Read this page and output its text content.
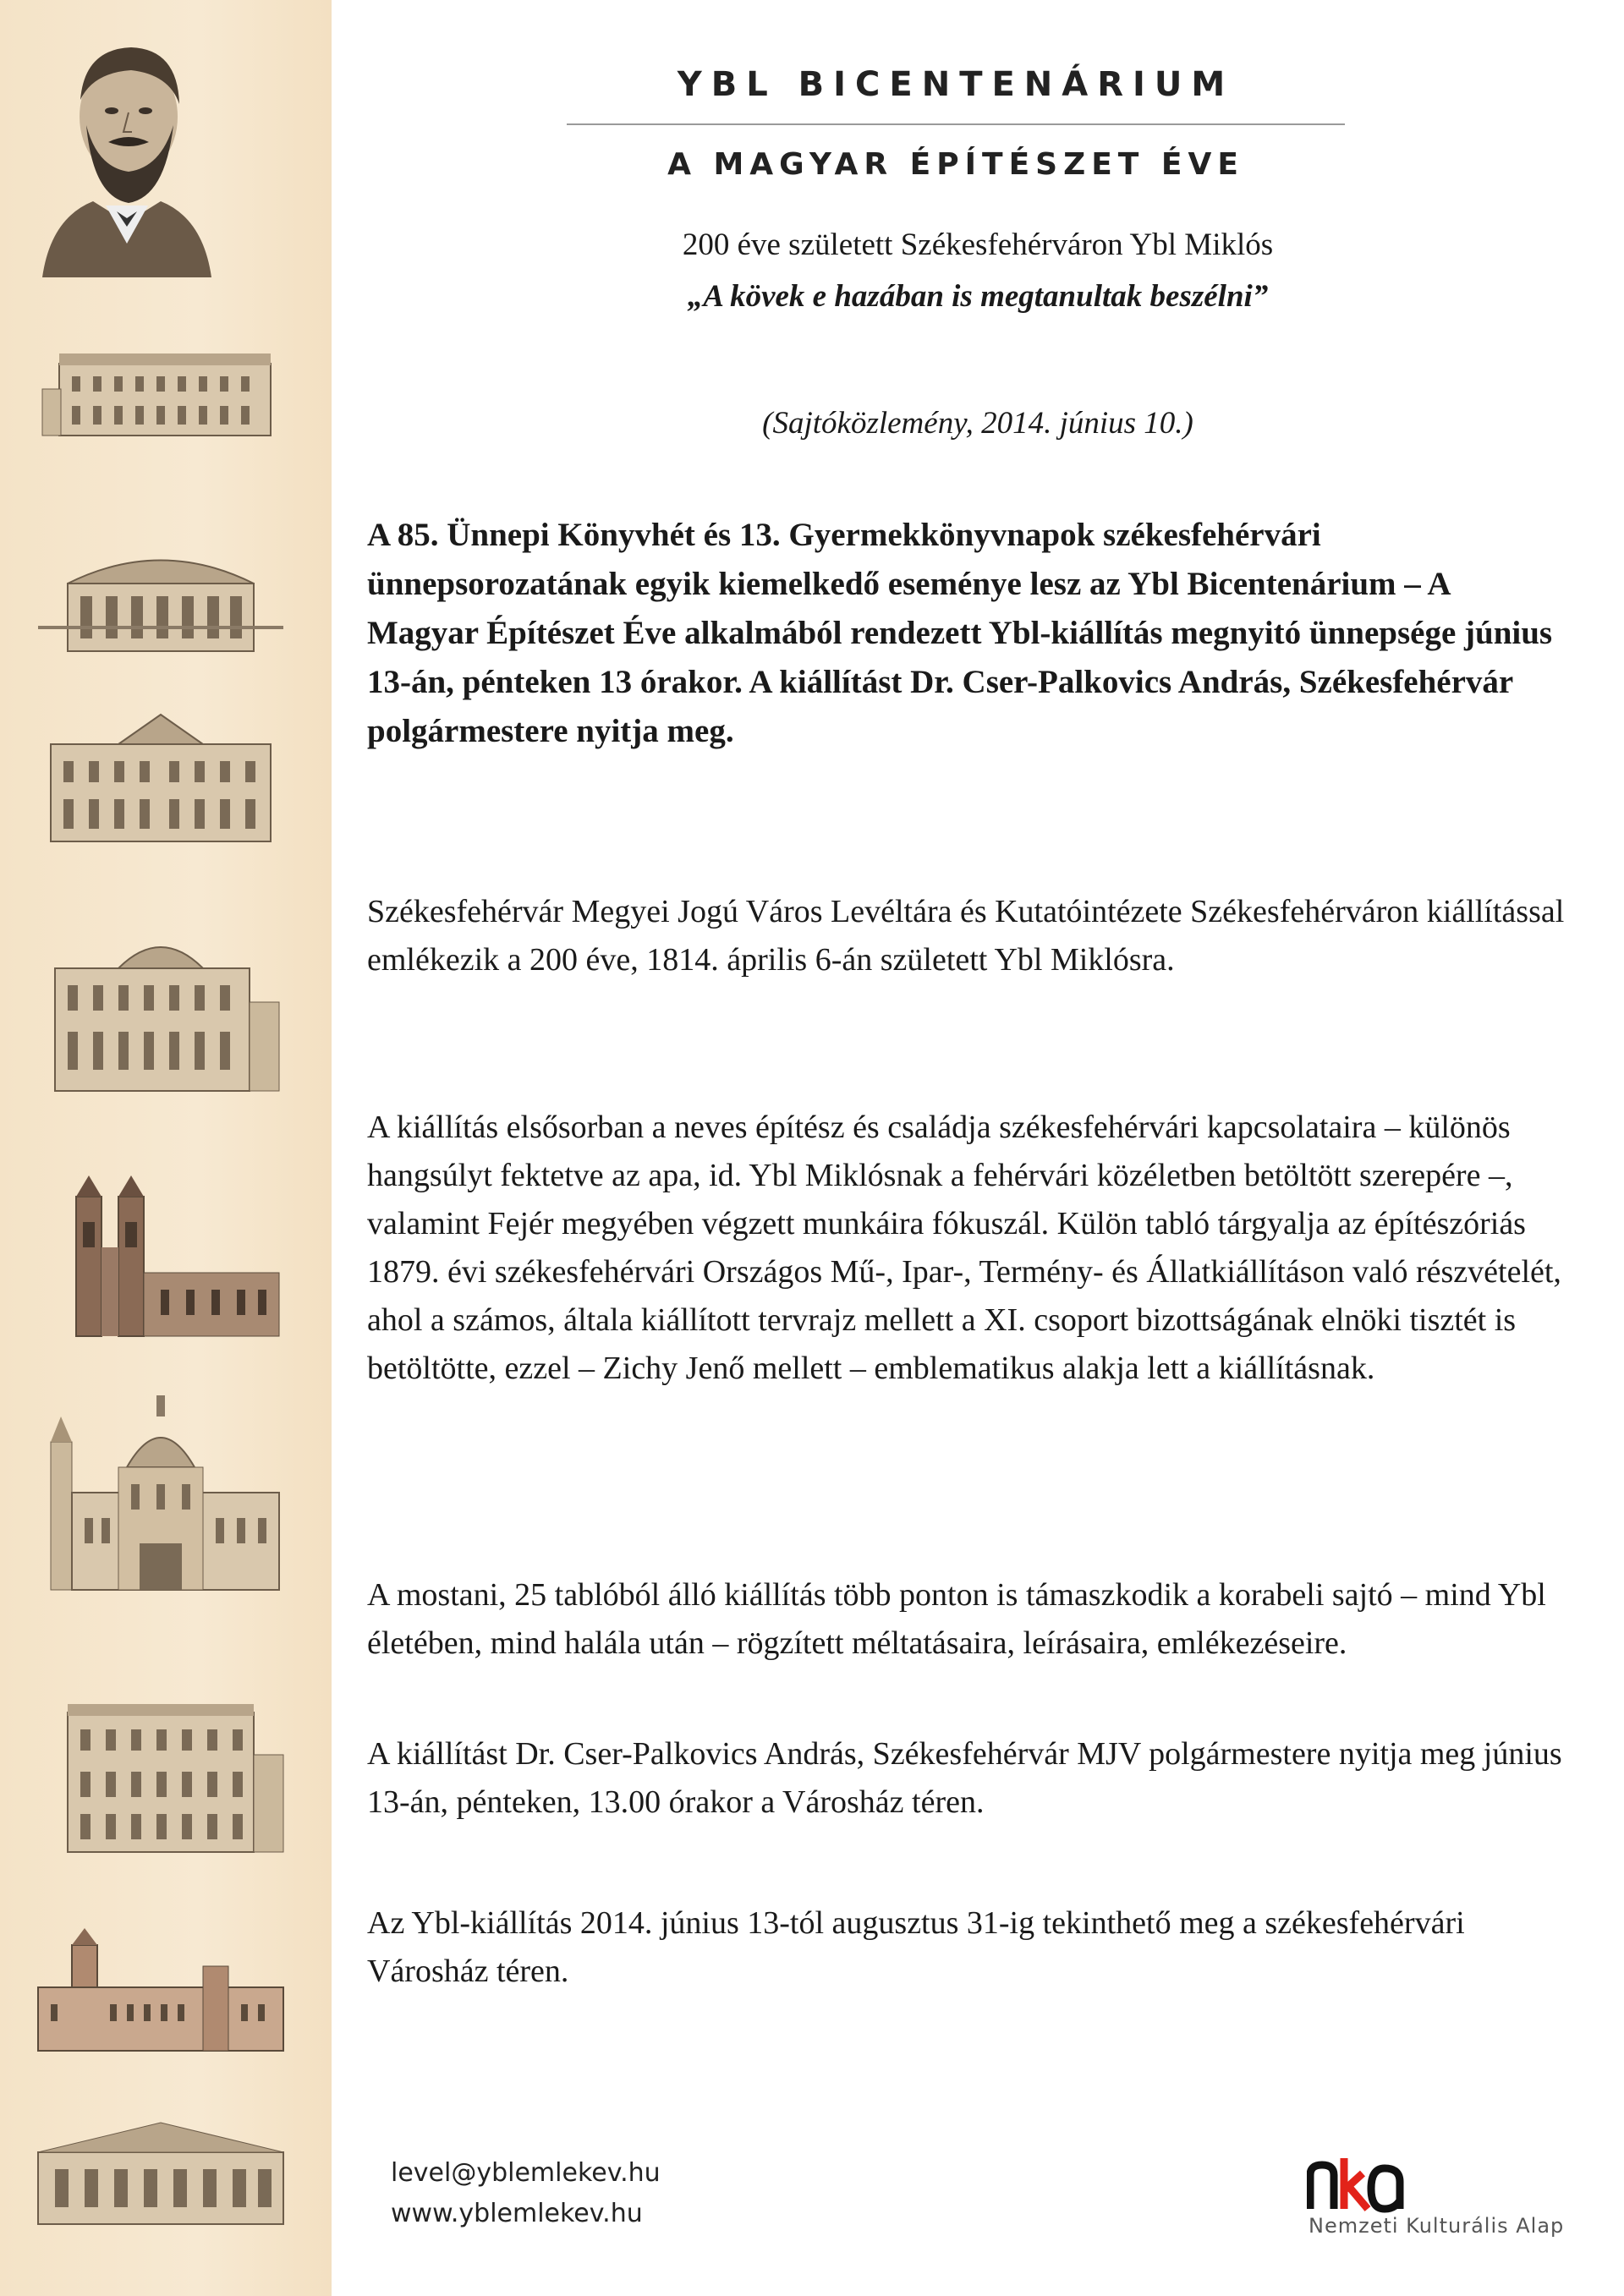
YBL BICENTENÁRIUM
A MAGYAR ÉPÍTÉSZET ÉVE
200 éve született Székesfehérváron Ybl Miklós
„A kövek e hazában is megtanultak beszélni”
(Sajtóközlemény, 2014. június 10.)

A 85. Ünnepi Könyvhét és 13. Gyermekkönyvnapok székesfehérvári ünnepsorozatának egyik kiemelkedő eseménye lesz az Ybl Bicentenárium – A Magyar Építészet Éve alkalmából rendezett Ybl-kiállítás megnyitó ünnepsége június 13-án, pénteken 13 órakor. A kiállítást Dr. Cser-Palkovics András, Székesfehérvár polgármestere nyitja meg.

Székesfehérvár Megyei Jogú Város Levéltára és Kutatóintézete Székesfehérváron kiállítással emlékezik a 200 éve, 1814. április 6-án született Ybl Miklósra.

A kiállítás elsősorban a neves építész és családja székesfehérvári kapcsolataira – különös hangsúlyt fektetve az apa, id. Ybl Miklósnak a fehérvári közéletben betöltött szerepére –, valamint Fejér megyében végzett munkáira fókuszál. Külön tabló tárgyalja az építészóriás 1879. évi székesfehérvári Országos Mű-, Ipar-, Termény- és Állatkiállításon való részvételét, ahol a számos, általa kiállított tervrajz mellett a XI. csoport bizottságának elnöki tisztét is betöltötte, ezzel – Zichy Jenő mellett – emblematikus alakja lett a kiállításnak.

A mostani, 25 tablóból álló kiállítás több ponton is támaszkodik a korabeli sajtó – mind Ybl életében, mind halála után – rögzített méltatásaira, leírásaira, emlékezéseire.

A kiállítást Dr. Cser-Palkovics András, Székesfehérvár MJV polgármestere nyitja meg június 13-án, pénteken, 13.00 órakor a Városház téren.

Az Ybl-kiállítás 2014. június 13-tól augusztus 31-ig tekinthető meg a székesfehérvári Városház téren.

level@yblemlekev.hu
www.yblemlekev.hu	Nemzeti Kulturális Alap
